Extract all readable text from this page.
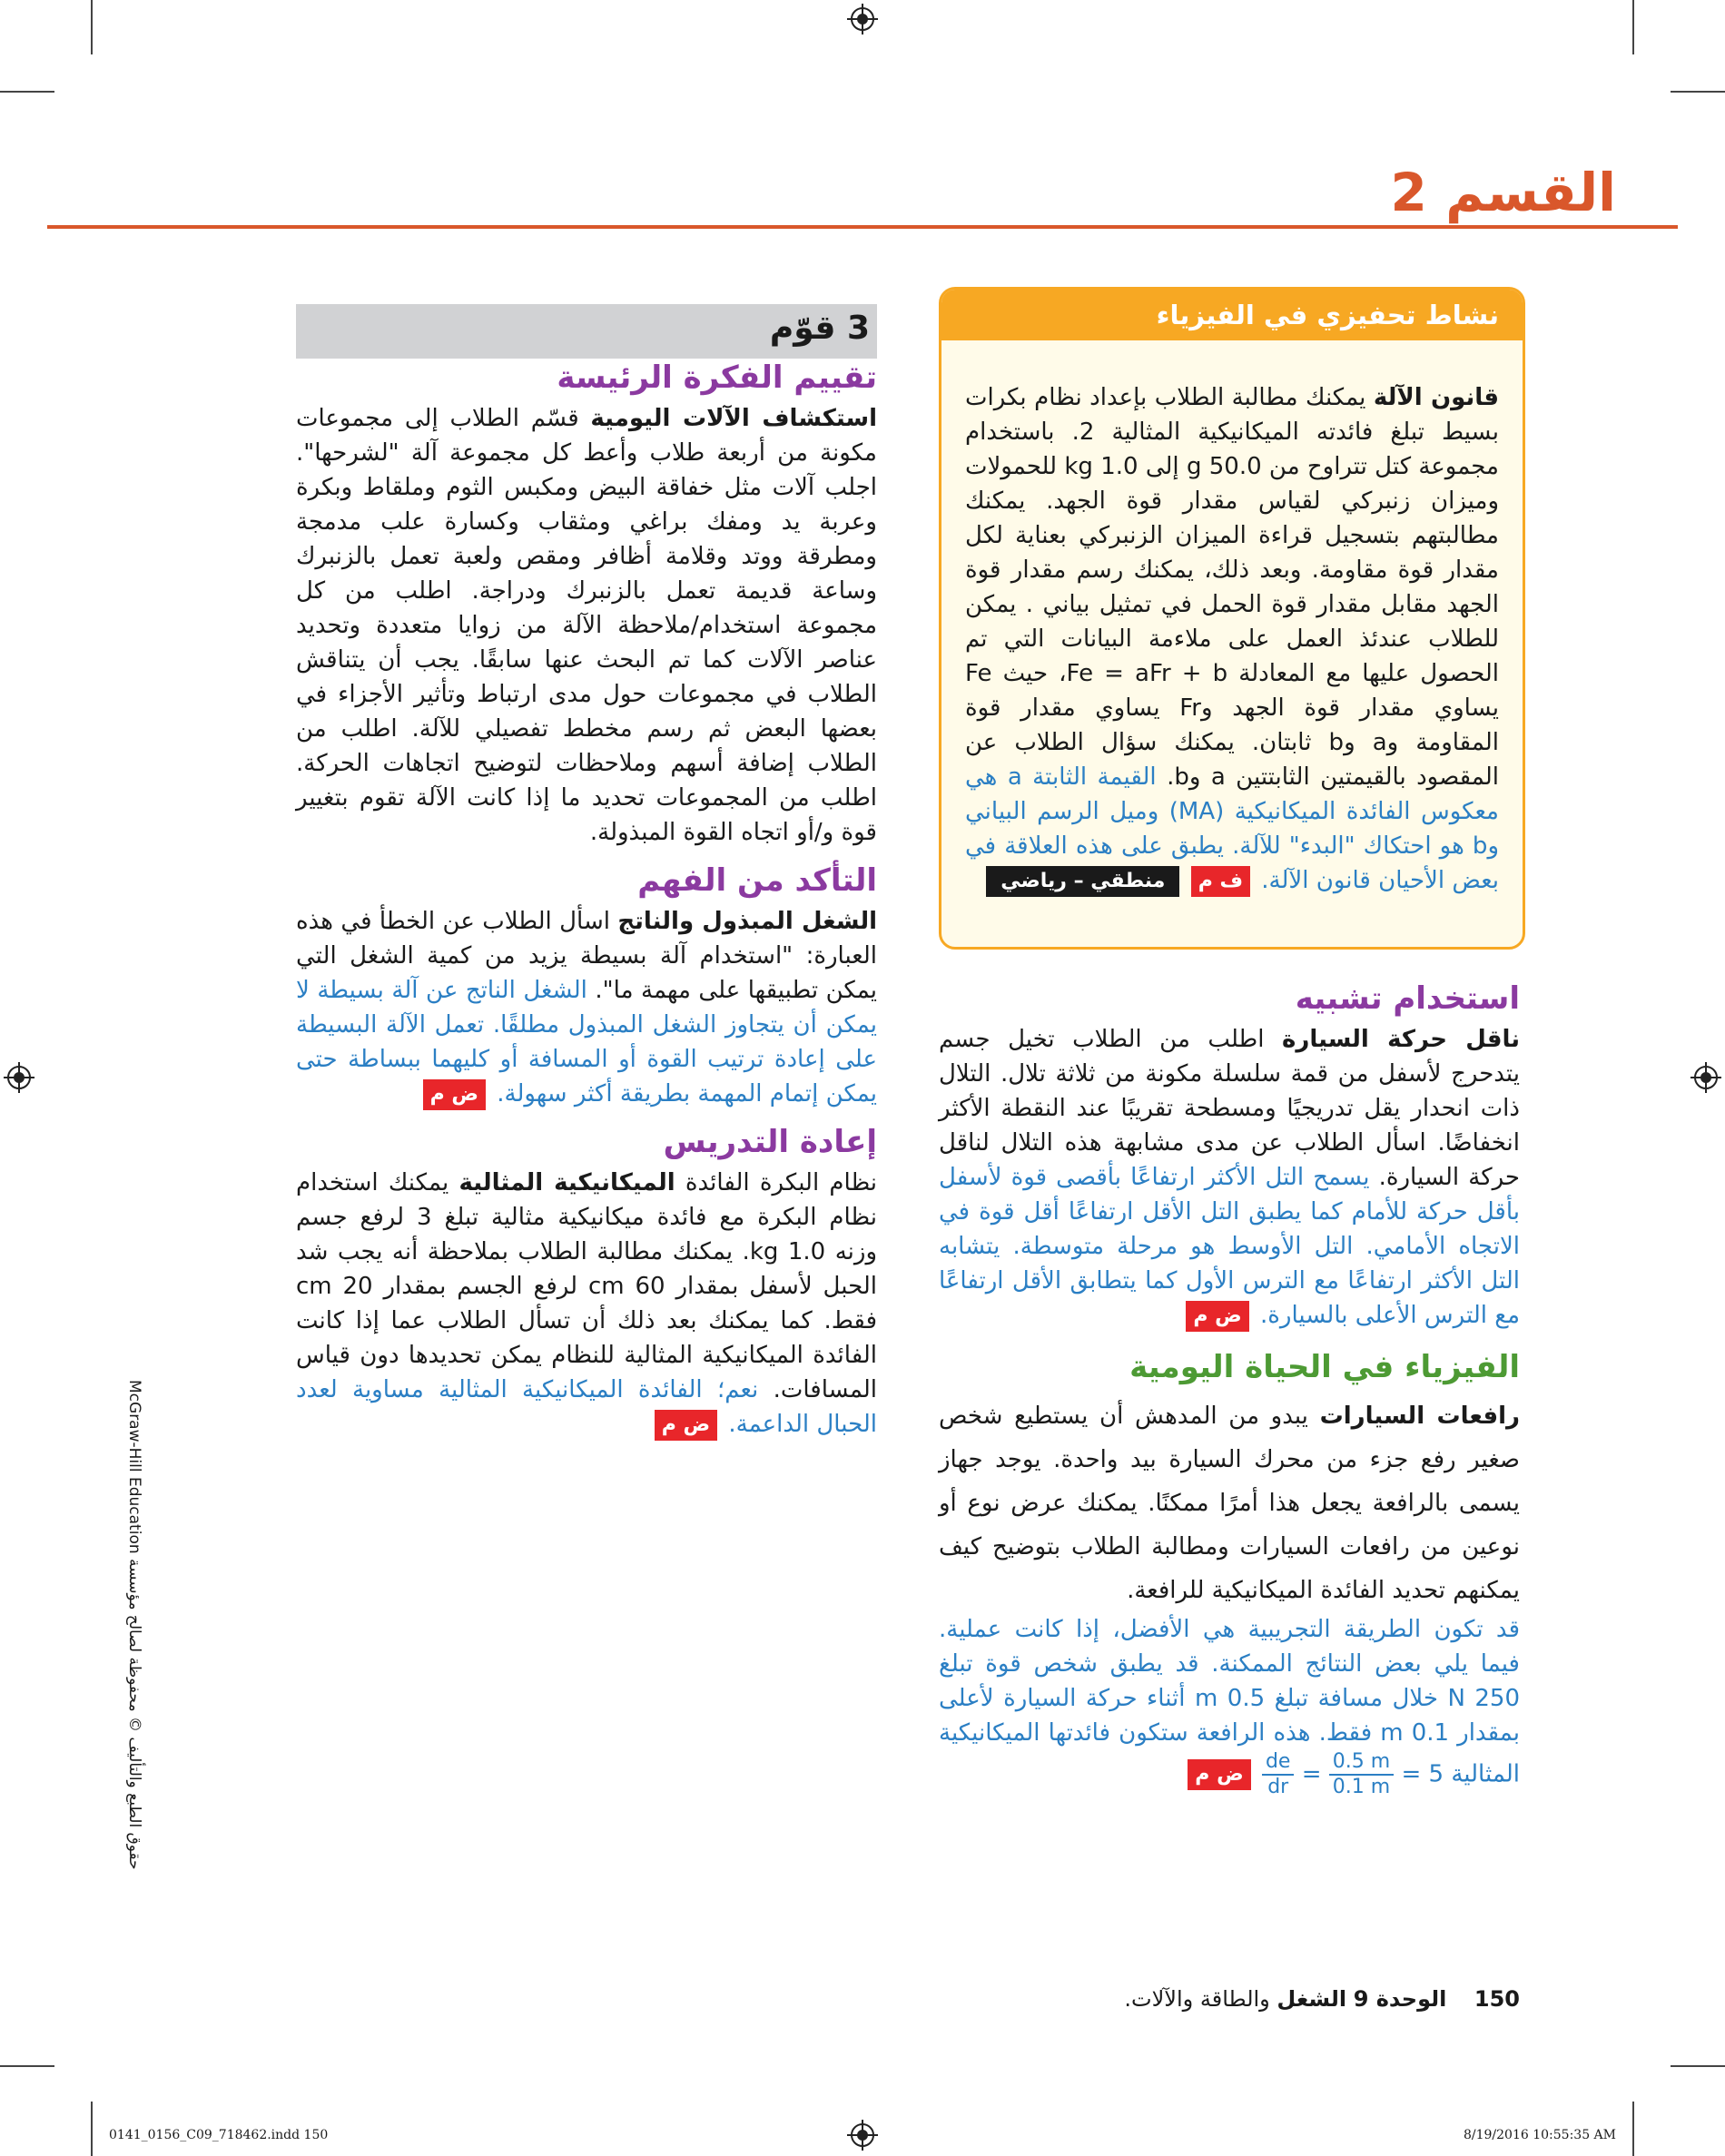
القسم 2
نشاط تحفيزي في الفيزياء
قانون الآلة يمكنك مطالبة الطلاب بإعداد نظام بكرات بسيط تبلغ فائدته الميكانيكية المثالية 2. باستخدام مجموعة كتل تتراوح من 50.0 g إلى 1.0 kg للحمولات وميزان زنبركي لقياس مقدار قوة الجهد. يمكنك مطالبتهم بتسجيل قراءة الميزان الزنبركي بعناية لكل مقدار قوة مقاومة. وبعد ذلك، يمكنك رسم مقدار قوة الجهد مقابل مقدار قوة الحمل في تمثيل بياني . يمكن للطلاب عندئذ العمل على ملاءمة البيانات التي تم الحصول عليها مع المعادلة Fe = aFr + b، حيث Fe يساوي مقدار قوة الجهد وFr يساوي مقدار قوة المقاومة وa وb ثابتان. يمكنك سؤال الطلاب عن المقصود بالقيمتين الثابتتين a وb. القيمة الثابتة a هي معكوس الفائدة الميكانيكية (MA) وميل الرسم البياني وb هو احتكاك "البدء" للآلة. يطبق على هذه العلاقة في بعض الأحيان قانون الآلة. ف م منطقي – رياضي
3 قوّم
تقييم الفكرة الرئيسة
استكشاف الآلات اليومية قسّم الطلاب إلى مجموعات مكونة من أربعة طلاب وأعط كل مجموعة آلة "لشرحها". اجلب آلات مثل خفاقة البيض ومكبس الثوم وملقاط وبكرة وعربة يد ومفك براغي ومثقاب وكسارة علب مدمجة ومطرقة ووتد وقلامة أظافر ومقص ولعبة تعمل بالزنبرك وساعة قديمة تعمل بالزنبرك ودراجة. اطلب من كل مجموعة استخدام/ملاحظة الآلة من زوايا متعددة وتحديد عناصر الآلات كما تم البحث عنها سابقًا. يجب أن يتناقش الطلاب في مجموعات حول مدى ارتباط وتأثير الأجزاء في بعضها البعض ثم رسم مخطط تفصيلي للآلة. اطلب من الطلاب إضافة أسهم وملاحظات لتوضيح اتجاهات الحركة. اطلب من المجموعات تحديد ما إذا كانت الآلة تقوم بتغيير قوة و/أو اتجاه القوة المبذولة.
التأكد من الفهم
الشغل المبذول والناتج اسأل الطلاب عن الخطأ في هذه العبارة: "استخدام آلة بسيطة يزيد من كمية الشغل التي يمكن تطبيقها على مهمة ما". الشغل الناتج عن آلة بسيطة لا يمكن أن يتجاوز الشغل المبذول مطلقًا. تعمل الآلة البسيطة على إعادة ترتيب القوة أو المسافة أو كليهما ببساطة حتى يمكن إتمام المهمة بطريقة أكثر سهولة. ض م
إعادة التدريس
نظام البكرة الفائدة الميكانيكية المثالية يمكنك استخدام نظام البكرة مع فائدة ميكانيكية مثالية تبلغ 3 لرفع جسم وزنه 1.0 kg. يمكنك مطالبة الطلاب بملاحظة أنه يجب شد الحبل لأسفل بمقدار 60 cm لرفع الجسم بمقدار 20 cm فقط. كما يمكنك بعد ذلك أن تسأل الطلاب عما إذا كانت الفائدة الميكانيكية المثالية للنظام يمكن تحديدها دون قياس المسافات. نعم؛ الفائدة الميكانيكية المثالية مساوية لعدد الحبال الداعمة. ض م
استخدام تشبيه
ناقل حركة السيارة اطلب من الطلاب تخيل جسم يتدحرج لأسفل من قمة سلسلة مكونة من ثلاثة تلال. التلال ذات انحدار يقل تدريجيًا ومسطحة تقريبًا عند النقطة الأكثر انخفاضًا. اسأل الطلاب عن مدى مشابهة هذه التلال لناقل حركة السيارة. يسمح التل الأكثر ارتفاعًا بأقصى قوة لأسفل بأقل حركة للأمام كما يطبق التل الأقل ارتفاعًا أقل قوة في الاتجاه الأمامي. التل الأوسط هو مرحلة متوسطة. يتشابه التل الأكثر ارتفاعًا مع الترس الأول كما يتطابق الأقل ارتفاعًا مع الترس الأعلى بالسيارة. ض م
الفيزياء في الحياة اليومية
رافعات السيارات يبدو من المدهش أن يستطيع شخص صغير رفع جزء من محرك السيارة بيد واحدة. يوجد جهاز يسمى بالرافعة يجعل هذا أمرًا ممكنًا. يمكنك عرض نوع أو نوعين من رافعات السيارات ومطالبة الطلاب بتوضيح كيف يمكنهم تحديد الفائدة الميكانيكية للرافعة.
قد تكون الطريقة التجريبية هي الأفضل، إذا كانت عملية. فيما يلي بعض النتائج الممكنة. قد يطبق شخص قوة تبلغ 250 N خلال مسافة تبلغ 0.5 m أثناء حركة السيارة لأعلى بمقدار 0.1 m فقط. هذه الرافعة ستكون فائدتها الميكانيكية المثالية 5 =
$\frac{0.5 m}{0.1 m}$
=
$\frac{de}{dr}$
ض م
حقوق الطبع والتأليف © محفوظة لصالح مؤسسة McGraw-Hill Education
150    الوحدة 9 الشغل والطاقة والآلات.
0141_0156_C09_718462.indd 150	8/19/2016 10:55:35 AM
